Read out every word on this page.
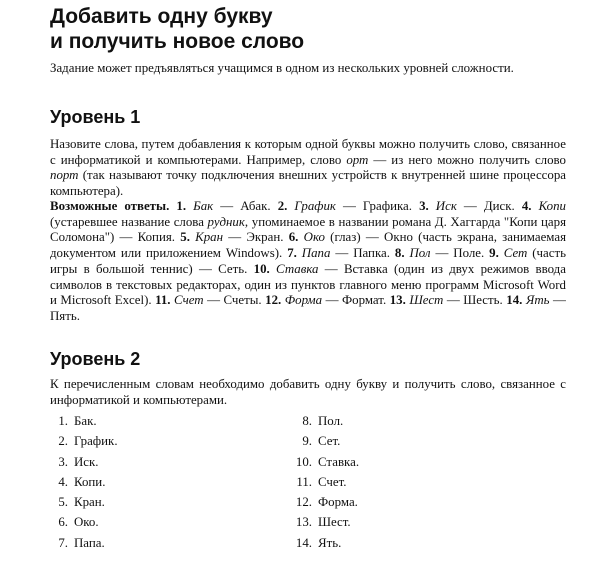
Добавить одну букву
и получить новое слово
Задание может предъявляться учащимся в одном из нескольких уровней сложности.
Уровень 1
Назовите слова, путем добавления к которым одной буквы можно получить слово, связанное с информатикой и компьютерами. Например, слово орт — из него можно получить слово порт (так называют точку подключения внешних устройств к внутренней шине процессора компьютера).
Возможные ответы. 1. Бак — Абак. 2. График — Графика. 3. Иск — Диск. 4. Копи (устаревшее название слова рудник, упоминаемое в названии романа Д. Хаггарда "Копи царя Соломона") — Копия. 5. Кран — Экран. 6. Око (глаз) — Окно (часть экрана, занимаемая документом или приложением Windows). 7. Папа — Папка. 8. Пол — Поле. 9. Сет (часть игры в большой теннис) — Сеть. 10. Ставка — Вставка (один из двух режимов ввода символов в текстовых редакторах, один из пунктов главного меню программ Microsoft Word и Microsoft Excel). 11. Счет — Счеты. 12. Форма — Формат. 13. Шест — Шесть. 14. Ять — Пять.
Уровень 2
К перечисленным словам необходимо добавить одну букву и получить слово, связанное с информатикой и компьютерами.
1. Бак.
2. График.
3. Иск.
4. Копи.
5. Кран.
6. Око.
7. Папа.
8. Пол.
9. Сет.
10. Ставка.
11. Счет.
12. Форма.
13. Шест.
14. Ять.
